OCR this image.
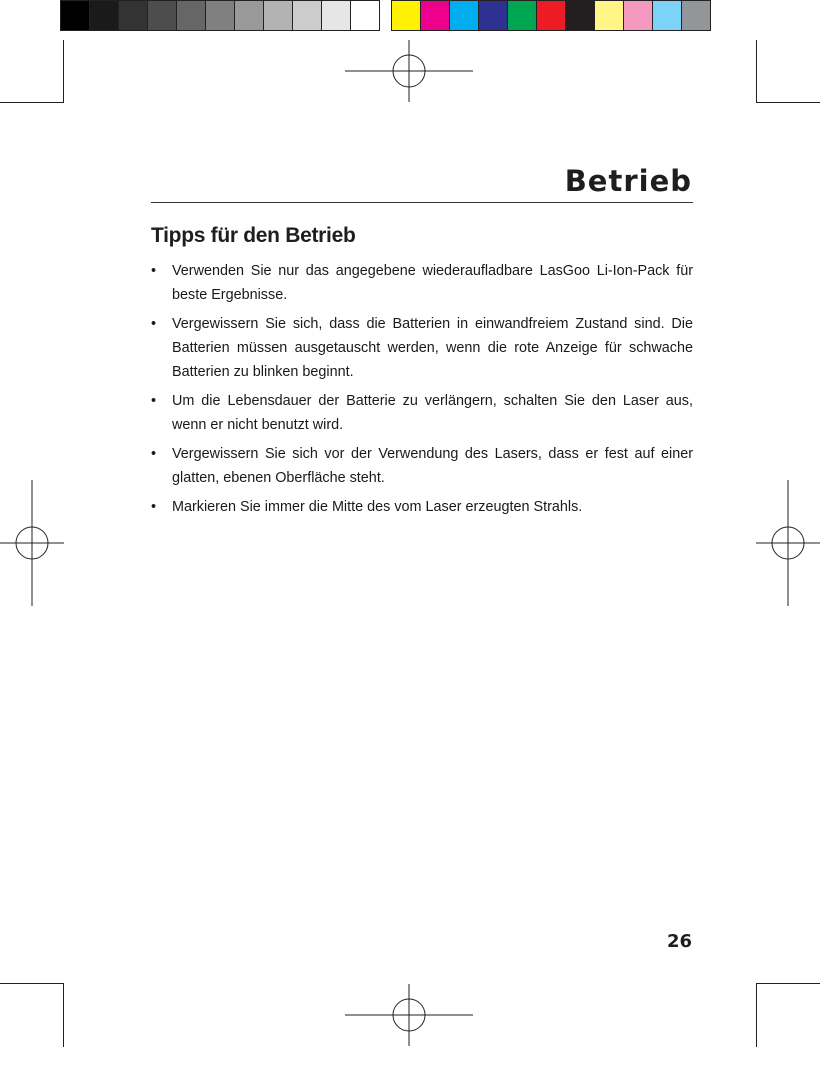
Betrieb
Tipps für den Betrieb
• Verwenden Sie nur das angegebene wiederaufladbare LasGoo Li-Ion-Pack für beste Ergebnisse.
• Vergewissern Sie sich, dass die Batterien in einwandfreiem Zustand sind. Die Batterien müssen ausgetauscht werden, wenn die rote Anzeige für schwache Batterien zu blinken beginnt.
• Um die Lebensdauer der Batterie zu verlängern, schalten Sie den Laser aus, wenn er nicht benutzt wird.
• Vergewissern Sie sich vor der Verwendung des Lasers, dass er fest auf einer glatten, ebenen Oberfläche steht.
• Markieren Sie immer die Mitte des vom Laser erzeugten Strahls.
26
